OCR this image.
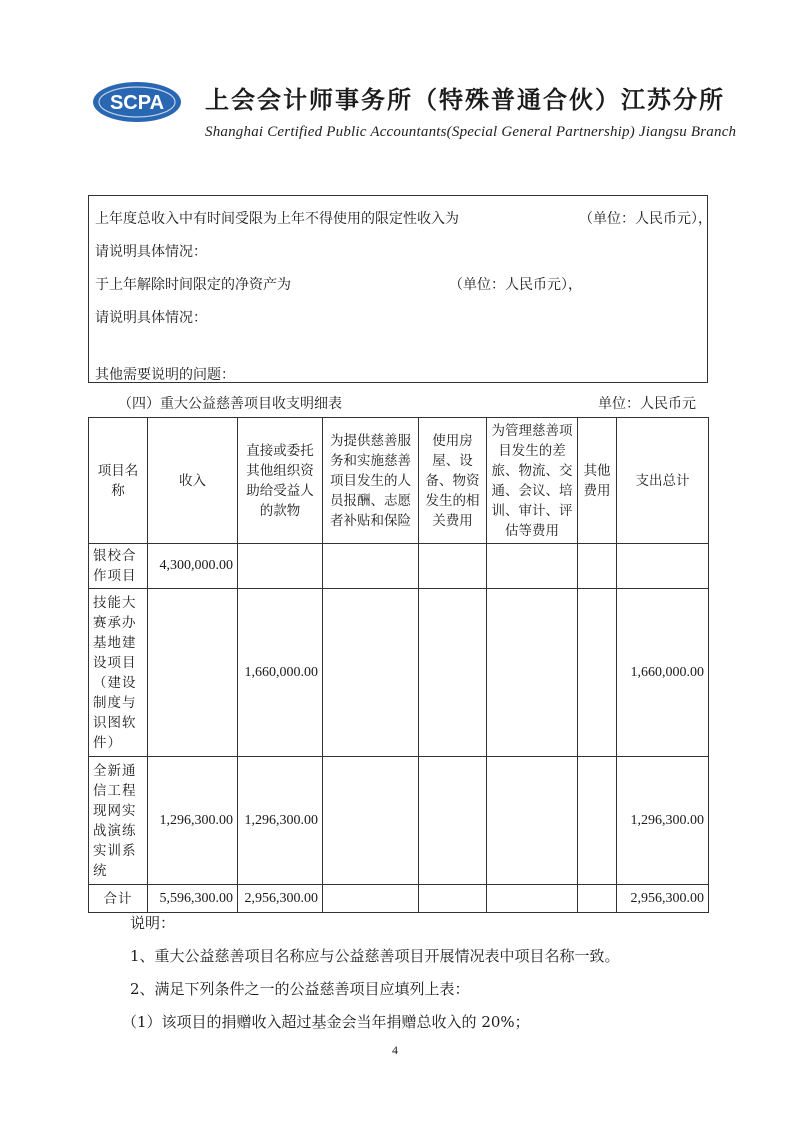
SCPA 上会会计师事务所（特殊普通合伙）江苏分所
Shanghai Certified Public Accountants(Special General Partnership) Jiangsu Branch
上年度总收入中有时间受限为上年不得使用的限定性收入为	（单位：人民币元），
请说明具体情况：
于上年解除时间限定的净资产为	（单位：人民币元），
请说明具体情况：
其他需要说明的问题：
（四）重大公益慈善项目收支明细表	单位：人民币元
项目名称	收入	直接或委托其他组织资助给受益人的款物	为提供慈善服务和实施慈善项目发生的人员报酬、志愿者补贴和保险	使用房屋、设备、物资发生的相关费用	为管理慈善项目发生的差旅、物流、交通、会议、培训、审计、评估等费用	其他费用	支出总计
银校合作项目	4,300,000.00						
技能大赛承办基地建设项目（建设制度与识图软件）		1,660,000.00					1,660,000.00
全新通信工程现网实战演练实训系统	1,296,300.00	1,296,300.00					1,296,300.00
合计	5,596,300.00	2,956,300.00					2,956,300.00
说明：
1、重大公益慈善项目名称应与公益慈善项目开展情况表中项目名称一致。
2、满足下列条件之一的公益慈善项目应填列上表：
（1）该项目的捐赠收入超过基金会当年捐赠总收入的 20%；
4
